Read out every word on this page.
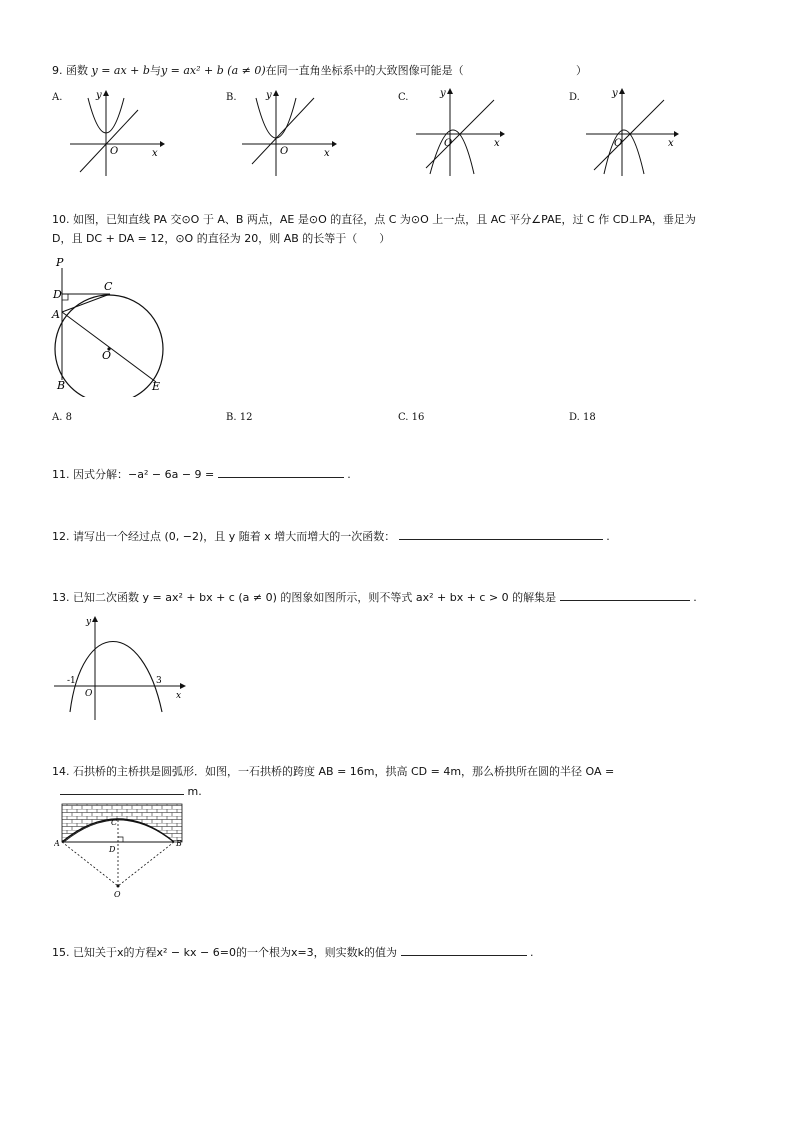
9. 函数 y = ax + b与y = ax² + b (a ≠ 0)在同一直角坐标系中的大致图像可能是（	）
A.	B.	C.	D.
y
x
O
y
x
O
y
x
O
y
x
O
10. 如图，已知直线 PA 交⊙O 于 A、B 两点，AE 是⊙O 的直径，点 C 为⊙O 上一点，且 AC 平分∠PAE，过 C 作 CD⊥PA，垂足为
D，且 DC + DA = 12，⊙O 的直径为 20，则 AB 的长等于（　　）
P
C
D
A
O
B	E
A. 8	B. 12	C. 16	D. 18
11. 因式分解：−a² − 6a − 9 =	.
12. 请写出一个经过点 (0, −2)，且 y 随着 x 增大而增大的一次函数：	.
13. 已知二次函数 y = ax² + bx + c (a ≠ 0) 的图象如图所示，则不等式 ax² + bx + c > 0 的解集是	.
y
x
O
-1	3
14. 石拱桥的主桥拱是圆弧形．如图，一石拱桥的跨度 AB = 16m，拱高 CD = 4m，那么桥拱所在圆的半径 OA =
m.
A	B
C
D
O
15. 已知关于x的方程x² − kx − 6=0的一个根为x=3，则实数k的值为	.
